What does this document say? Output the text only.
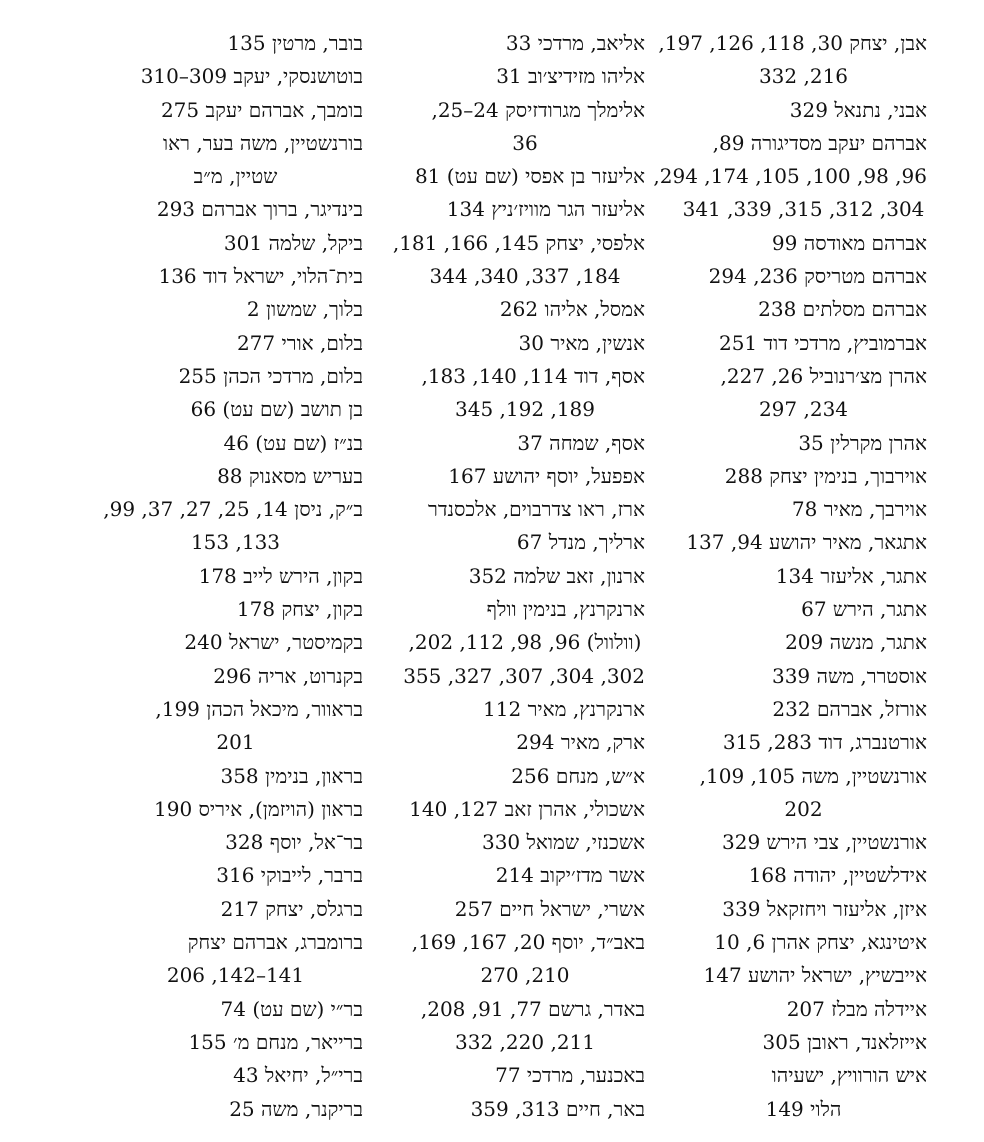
אבן, יצחק 30, 118, 126, 197,
216, 332
אבני, נתנאל 329
אברהם יעקב מסדיגורה 89,
96, 98, 100, 105, 174, 294,
304, 312, 315, 339, 341
אברהם מאודסה 99
אברהם מטריסק 236, 294
אברהם מסלתים 238
אברמוביץ, מרדכי דוד 251
אהרן מצ׳רנוביל 26, 227,
234, 297
אהרן מקרלין 35
אוירבוך, בנימין יצחק 288
אוירבך, מאיר 78
אתגאר, מאיר יהושע 94, 137
אתגר, אליעזר 134
אתגר, הירש 67
אתגר, מנשה 209
אוסטרר, משה 339
אורזל, אברהם 232
אורטנברג, דוד 283, 315
אורנשטיין, משה 105, 109,
202
אורנשטיין, צבי הירש 329
אידלשטיין, יהודה 168
איזן, אליעזר ויחזקאל 339
איטינגא, יצחק אהרן 6, 10
אייבשיץ, ישראל יהושע 147
איידלה מבלז 207
אייזלאנד, ראובן 305
איש הורוויץ, ישעיהו
הלוי 149
אליאב, מרדכי 33
אליהו מזידיצ׳וב 31
אלימלך מגרודזיסק 24–25,
36
אליעזר בן אפסי (שם עט) 81
אליעזר הגר מוויז׳ניץ 134
אלפסי, יצחק 145, 166, 181,
184, 337, 340, 344
אמסל, אליהו 262
אנשין, מאיר 30
אסף, דוד 114, 140, 183,
189, 192, 345
אסף, שמחה 37
אפפעל, יוסף יהושע 167
ארז, ראו צדרבוים, אלכסנדר
ארליך, מנדל 67
ארנון, זאב שלמה 352
ארנקרנץ, בנימין וולף
(וולוול) 96, 98, 112, 202,
302, 304, 307, 327, 355
ארנקרנץ, מאיר 112
ארק, מאיר 294
א״ש, מנחם 256
אשכולי, אהרן זאב 127, 140
אשכנזי, שמואל 330
אשר מדז׳יקוב 214
אשרי, ישראל חיים 257
באב״ד, יוסף 20, 167, 169,
210, 270
באדר, גרשם 77, 91, 208,
211, 220, 332
באכנער, מרדכי 77
באר, חיים 313, 359
בובר, מרטין 135
בוטושנסקי, יעקב 309–310
בומבך, אברהם יעקב 275
בורנשטיין, משה בער, ראו
שטיין, מ״ב
בינדיגר, ברוך אברהם 293
ביקל, שלמה 301
בית־הלוי, ישראל דוד 136
בלוך, שמשון 2
בלום, אורי 277
בלום, מרדכי הכהן 255
בן תושב (שם עט) 66
בנ״ז (שם עט) 46
בעריש מסאנוק 88
ב״ק, ניסן 14, 25, 27, 37, 99,
133, 153
בקון, הירש לייב 178
בקון, יצחק 178
בקמיסטר, ישראל 240
בקנרוט, אריה 296
בראוור, מיכאל הכהן 199,
201
בראון, בנימין 358
בראון (הויזמן), איריס 190
בר־אל, יוסף 328
ברבר, לייבוקי 316
ברגלס, יצחק 217
ברומברג, אברהם יצחק
141–142, 206
בר״י (שם עט) 74
ברייאר, מנחם מ׳ 155
ברי״ל, יחיאל 43
בריקנר, משה 25
